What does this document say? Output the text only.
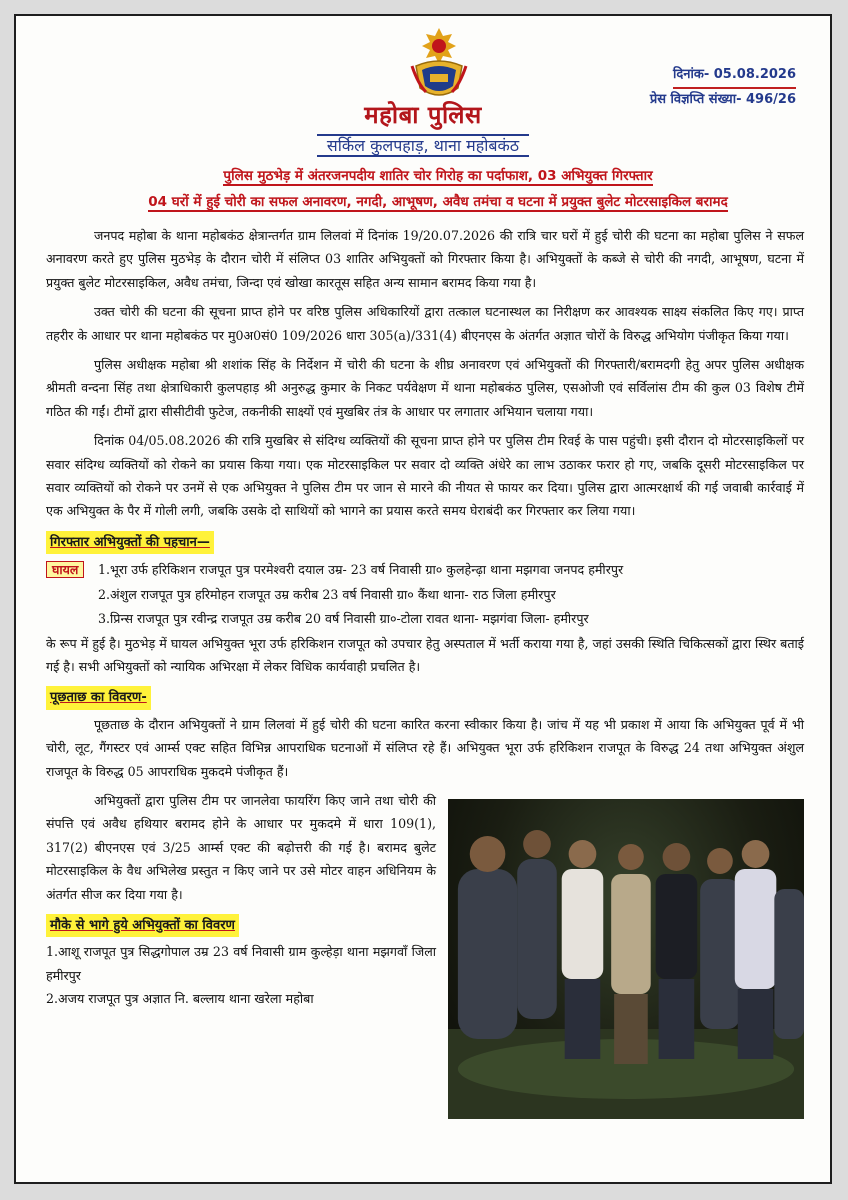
दिनांक- 05.08.2026
प्रेस विज्ञप्ति संख्या- 496/26
महोबा पुलिस
सर्किल कुलपहाड़, थाना महोबकंठ
पुलिस मुठभेड़ में अंतरजनपदीय शातिर चोर गिरोह का पर्दाफाश, 03 अभियुक्त गिरफ्तार
04 घरों में हुई चोरी का सफल अनावरण, नगदी, आभूषण, अवैध तमंचा व घटना में प्रयुक्त बुलेट मोटरसाइकिल बरामद

जनपद महोबा के थाना महोबकंठ क्षेत्रान्तर्गत ग्राम लिलवां में दिनांक 19/20.07.2026 की रात्रि चार घरों में हुई चोरी की घटना का महोबा पुलिस ने सफल अनावरण करते हुए पुलिस मुठभेड़ के दौरान चोरी में संलिप्त 03 शातिर अभियुक्तों को गिरफ्तार किया है। अभियुक्तों के कब्जे से चोरी की नगदी, आभूषण, घटना में प्रयुक्त बुलेट मोटरसाइकिल, अवैध तमंचा, जिन्दा एवं खोखा कारतूस सहित अन्य सामान बरामद किया गया है।

उक्त चोरी की घटना की सूचना प्राप्त होने पर वरिष्ठ पुलिस अधिकारियों द्वारा तत्काल घटनास्थल का निरीक्षण कर आवश्यक साक्ष्य संकलित किए गए। प्राप्त तहरीर के आधार पर थाना महोबकंठ पर मु0अ0सं0 109/2026 धारा 305(a)/331(4) बीएनएस के अंतर्गत अज्ञात चोरों के विरुद्ध अभियोग पंजीकृत किया गया।

पुलिस अधीक्षक महोबा श्री शशांक सिंह के निर्देशन में चोरी की घटना के शीघ्र अनावरण एवं अभियुक्तों की गिरफ्तारी/बरामदगी हेतु अपर पुलिस अधीक्षक श्रीमती वन्दना सिंह तथा क्षेत्राधिकारी कुलपहाड़ श्री अनुरुद्ध कुमार के निकट पर्यवेक्षण में थाना महोबकंठ पुलिस, एसओजी एवं सर्विलांस टीम की कुल 03 विशेष टीमें गठित की गईं। टीमों द्वारा सीसीटीवी फुटेज, तकनीकी साक्ष्यों एवं मुखबिर तंत्र के आधार पर लगातार अभियान चलाया गया।

दिनांक 04/05.08.2026 की रात्रि मुखबिर से संदिग्ध व्यक्तियों की सूचना प्राप्त होने पर पुलिस टीम रिवई के पास पहुंची। इसी दौरान दो मोटरसाइकिलों पर सवार संदिग्ध व्यक्तियों को रोकने का प्रयास किया गया। एक मोटरसाइकिल पर सवार दो व्यक्ति अंधेरे का लाभ उठाकर फरार हो गए, जबकि दूसरी मोटरसाइकिल पर सवार व्यक्तियों को रोकने पर उनमें से एक अभियुक्त ने पुलिस टीम पर जान से मारने की नीयत से फायर कर दिया। पुलिस द्वारा आत्मरक्षार्थ की गई जवाबी कार्रवाई में एक अभियुक्त के पैर में गोली लगी, जबकि उसके दो साथियों को भागने का प्रयास करते समय घेराबंदी कर गिरफ्तार कर लिया गया।

गिरफ्तार अभियुक्तों की पहचान—
घायल	1.भूरा उर्फ हरिकिशन राजपूत पुत्र परमेश्वरी दयाल उम्र- 23 वर्ष निवासी ग्रा० कुलहेन्ढ़ा थाना मझगवा जनपद हमीरपुर
2.अंशुल राजपूत पुत्र हरिमोहन राजपूत उम्र करीब 23 वर्ष निवासी ग्रा० कैंथा थाना- राठ जिला हमीरपुर
3.प्रिन्स राजपूत पुत्र रवीन्द्र राजपूत उम्र करीब 20 वर्ष निवासी ग्रा०-टोला रावत थाना- मझगंवा जिला- हमीरपुर

के रूप में हुई है। मुठभेड़ में घायल अभियुक्त भूरा उर्फ हरिकिशन राजपूत को उपचार हेतु अस्पताल में भर्ती कराया गया है, जहां उसकी स्थिति चिकित्सकों द्वारा स्थिर बताई गई है। सभी अभियुक्तों को न्यायिक अभिरक्षा में लेकर विधिक कार्यवाही प्रचलित है।

पूछताछ का विवरण-

पूछताछ के दौरान अभियुक्तों ने ग्राम लिलवां में हुई चोरी की घटना कारित करना स्वीकार किया है। जांच में यह भी प्रकाश में आया कि अभियुक्त पूर्व में भी चोरी, लूट, गैंगस्टर एवं आर्म्स एक्ट सहित विभिन्न आपराधिक घटनाओं में संलिप्त रहे हैं। अभियुक्त भूरा उर्फ हरिकिशन राजपूत के विरुद्ध 24 तथा अभियुक्त अंशुल राजपूत के विरुद्ध 05 आपराधिक मुकदमे पंजीकृत हैं।

अभियुक्तों द्वारा पुलिस टीम पर जानलेवा फायरिंग किए जाने तथा चोरी की संपत्ति एवं अवैध हथियार बरामद होने के आधार पर मुकदमे में धारा 109(1), 317(2) बीएनएस एवं 3/25 आर्म्स एक्ट की बढ़ोत्तरी की गई है। बरामद बुलेट मोटरसाइकिल के वैध अभिलेख प्रस्तुत न किए जाने पर उसे मोटर वाहन अधिनियम के अंतर्गत सीज कर दिया गया है।

मौके से भागे हुये अभियुक्तों का विवरण

1.आशू राजपूत पुत्र सिद्धगोपाल उम्र 23 वर्ष निवासी ग्राम कुल्हेड़ा थाना मझगवाँ जिला हमीरपुर

2.अजय राजपूत पुत्र अज्ञात नि. बल्लाय थाना खरेला महोबा
